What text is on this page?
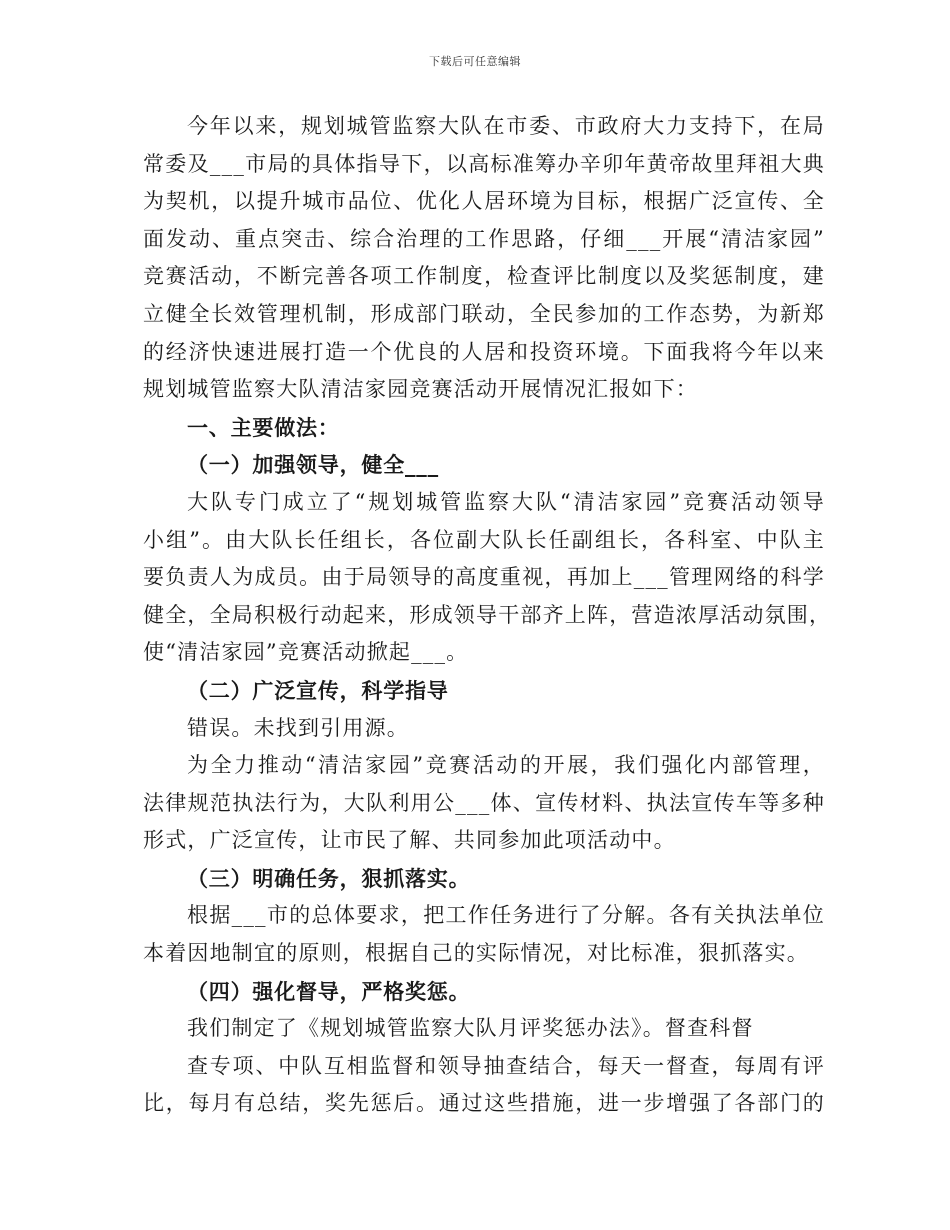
下载后可任意编辑
今年以来，规划城管监察大队在市委、市政府大力支持下，在局
常委及___市局的具体指导下，以高标准筹办辛卯年黄帝故里拜祖大典
为契机，以提升城市品位、优化人居环境为目标，根据广泛宣传、全
面发动、重点突击、综合治理的工作思路，仔细___开展“清洁家园”
竞赛活动，不断完善各项工作制度，检查评比制度以及奖惩制度，建
立健全长效管理机制，形成部门联动，全民参加的工作态势，为新郑
的经济快速进展打造一个优良的人居和投资环境。下面我将今年以来
规划城管监察大队清洁家园竞赛活动开展情况汇报如下：
一、主要做法：
（一）加强领导，健全___
大队专门成立了“规划城管监察大队“清洁家园”竞赛活动领导
小组”。由大队长任组长，各位副大队长任副组长，各科室、中队主
要负责人为成员。由于局领导的高度重视，再加上___管理网络的科学
健全，全局积极行动起来，形成领导干部齐上阵，营造浓厚活动氛围，
使“清洁家园”竞赛活动掀起___。
（二）广泛宣传，科学指导
错误。未找到引用源。
为全力推动“清洁家园”竞赛活动的开展，我们强化内部管理，
法律规范执法行为，大队利用公___体、宣传材料、执法宣传车等多种
形式，广泛宣传，让市民了解、共同参加此项活动中。
（三）明确任务，狠抓落实。
根据___市的总体要求，把工作任务进行了分解。各有关执法单位
本着因地制宜的原则，根据自己的实际情况，对比标准，狠抓落实。
（四）强化督导，严格奖惩。
我们制定了《规划城管监察大队月评奖惩办法》。督查科督
查专项、中队互相监督和领导抽查结合，每天一督查，每周有评
比，每月有总结，奖先惩后。通过这些措施，进一步增强了各部门的
